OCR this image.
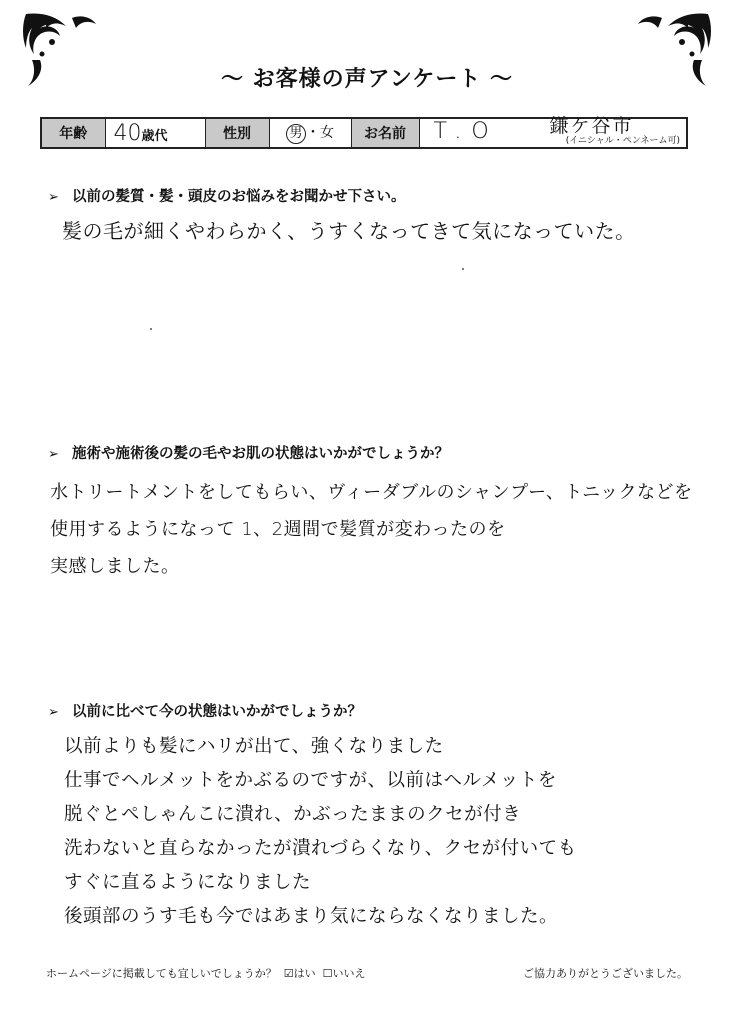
～ お客様の声アンケート ～
年齢	40歳代	性別	男 ・女	お名前	T.O	鎌ケ谷市
(イニシャル・ペンネーム可)
➢ 以前の髪質・髪・頭皮のお悩みをお聞かせ下さい。
髪の毛が細くやわらかく、うすくなってきて気になっていた。
➢ 施術や施術後の髪の毛やお肌の状態はいかがでしょうか？
水トリートメントをしてもらい、ヴィーダブルのシャンプー、トニックなどを
使用するようになって 1、2週間で髪質が変わったのを
実感しました。
➢ 以前に比べて今の状態はいかがでしょうか？
以前よりも髪にハリが出て、強くなりました
仕事でヘルメットをかぶるのですが、以前はヘルメットを
脱ぐとペしゃんこに潰れ、かぶったままのクセが付き
洗わないと直らなかったが潰れづらくなり、クセが付いても
すぐに直るようになりました
後頭部のうす毛も今ではあまり気にならなくなりました。
ホームページに掲載しても宜しいでしょうか？ ☑はい ☐いいえ	ご協力ありがとうございました。
